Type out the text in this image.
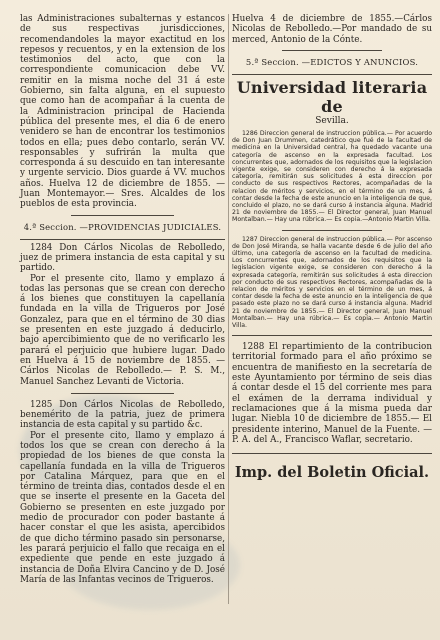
las Administraciones subalternas y estancos de sus respectivas jurisdicciones, recomendandoles la mayor exactitud en los repesos y recuentos, y en la extension de los testimonios del acto, que con la correspondiente comunicacion debe VV. remitir en la misma noche del 31 á este Gobierno, sin falta alguna, en el supuesto que como han de acompañar á la cuenta de la Administracion principal de Hacienda pública del presente mes, el dia 6 de enero venidero se han de encontrar los testimonios todos en ella; pues debo contarlo, serán VV. responsables y sufrirán la multa que corresponda á su descuido en tan interesante y urgente servicio. Dios guarde á VV. muchos años. Huelva 12 de diciembre de 1855. —Juan Montemayor.— Sres. Alcaldes de los pueblos de esta provincia.

4.ª Seccion. —PROVIDENCIAS JUDICIALES.

1284 Don Cárlos Nicolas de Rebolledo, juez de primera instancia de esta capital y su partido.

Por el presente cito, llamo y emplazo á todas las personas que se crean con derecho á los bienes que constituyen la capellanía fundada en la villa de Trigueros por José Gonzalez, para que en el término de 30 dias se presenten en este juzgado á deducirlo, bajo apercibimiento que de no verificarlo les parará el perjuicio que hubiere lugar. Dado en Huelva á 15 de noviembre de 1855. —Cárlos Nicolas de Rebolledo.— P. S. M., Manuel Sanchez Levanti de Victoria.

1285 Don Cárlos Nicolas de Rebolledo, benemérito de la patria, juez de primera instancia de esta capital y su partido &c.

Por el presente cito, llamo y emplazo á todos los que se crean con derecho á la propiedad de los bienes de que consta la capellanía fundada en la villa de Trigueros por Catalina Márquez, para que en el término de treinta dias, contados desde el en que se inserte el presente en la Gaceta del Gobierno se presenten en este juzgado por medio de procurador con poder bastante á hacer constar el que les asista, apercibidos de que dicho término pasado sin personarse, les parará perjuicio el fallo que recaiga en el expediente que pende en este juzgado á instancia de Doña Elvira Cancino y de D. José María de las Infantas vecinos de Trigueros.

Huelva 4 de diciembre de 1855.—Cárlos Nicolas de Rebolledo.—Por mandado de su merced, Antonio de la Cónte.

5.ª Seccion. —EDICTOS Y ANUNCIOS.
Universidad literaria de
Sevilla.

1286 Direccion general de instruccion pública.— Por acuerdo de Don Juan Drummen, catedrático que fué de la facultad de medicina en la Universidad central, ha quedado vacante una categoría de ascenso en la expresada facultad. Los concurrentes que, adornados de los requisitos que la legislacion vigente exige, se consideren con derecho á la expresada categoría, remitirán sus solicitudes á esta direccion por conducto de sus respectivos Rectores, acompañadas de la relacion de méritos y servicios, en el término de un mes, á contar desde la fecha de este anuncio en la inteligencia de que, concluido el plazo, no se dará curso á instancia alguna. Madrid 21 de noviembre de 1855.— El Director general, Juan Manuel Montalban.— Hay una rúbrica.— Es copia.—Antonio Martin Villa.

1287 Direccion general de instruccion pública.— Por ascenso de Don José Miranda, se halla vacante desde 6 de julio del año último, una categoría de ascenso en la facultad de medicina. Los concurrentes que, adornados de los requisitos que la legislacion vigente exige, se consideren con derecho á la expresada categoría, remitirán sus solicitudes á esta direccion por conducto de sus respectivos Rectores, acompañadas de la relacion de méritos y servicios en el término de un mes, á contar desde la fecha de este anuncio en la inteligencia de que pasado este plazo no se dará curso á instancia alguna. Madrid 21 de noviembre de 1855.— El Director general, Juan Manuel Montalban.— Hay una rúbrica.— Es copia.— Antonio Martin Villa.

1288 El repartimiento de la contribucion territorial formado para el año próximo se encuentra de manifiesto en la secretaría de este Ayuntamiento por término de seis dias á contar desde el 15 del corriente mes para el exámen de la derrama individual y reclamaciones que á la misma pueda dar lugar. Niebla 10 de diciembre de 1855.— El presidente interino, Manuel de la Fuente. —P. A. del A., Francisco Waflar, secretario.

Imp. del Boletin Oficial.
